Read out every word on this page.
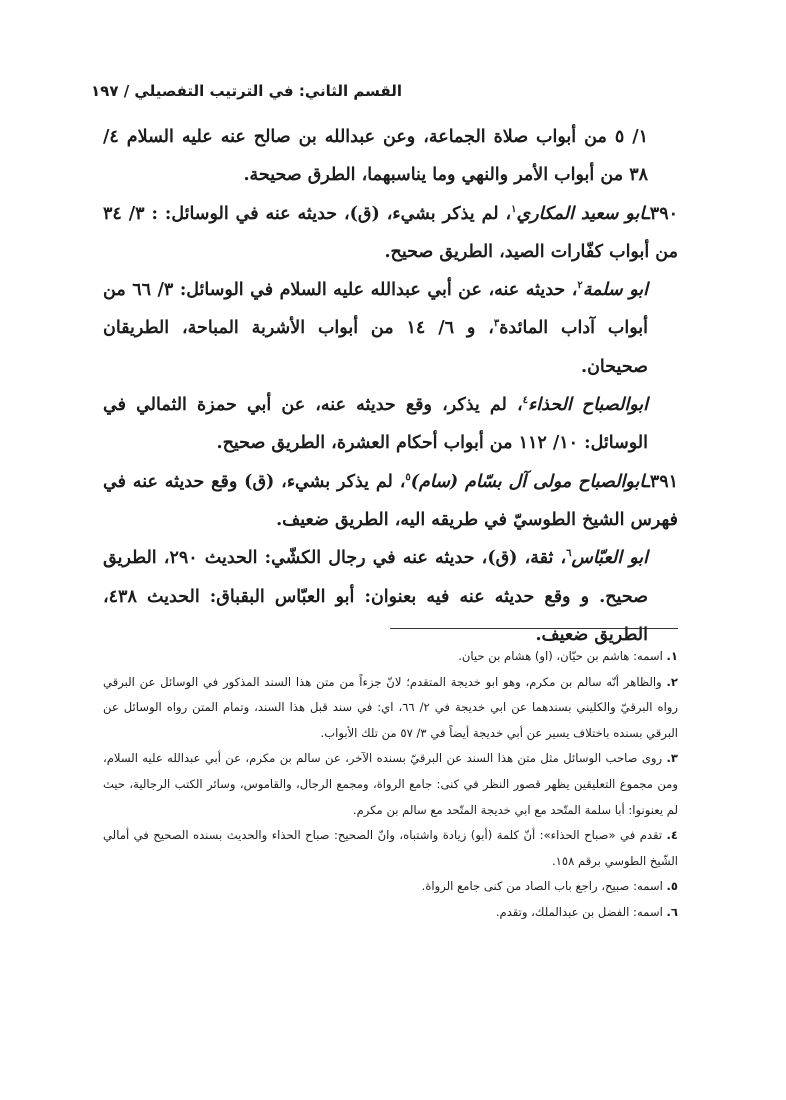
القسم الثاني: في الترتيب التفصيلي / ١٩٧

١/ ٥ من أبواب صلاة الجماعة، وعن عبدالله بن صالح عنه عليه السلام ٤/ ٣٨ من أبواب الأمر والنهي وما يناسبهما، الطرق صحيحة.

٣٩٠ـابو سعيد المكاري$^١$، لم يذكر بشيء، (ق)، حديثه عنه في الوسائل: : ٣/ ٣٤ من أبواب كفّارات الصيد، الطريق صحيح.

ابو سلمة$^٢$، حديثه عنه، عن أبي عبدالله عليه السلام في الوسائل: ٣/ ٦٦ من أبواب آداب المائدة$^٣$، و ٦/ ١٤ من أبواب الأشربة المباحة، الطريقان صحيحان.

ابوالصباح الحذاء$^٤$، لم يذكر، وقع حديثه عنه، عن أبي حمزة الثمالي في الوسائل: ١٠/ ١١٢ من أبواب أحكام العشرة، الطريق صحيح.

٣٩١ـابوالصباح مولى آل بسّام (سام)$^٥$، لم يذكر بشيء، (ق) وقع حديثه عنه في فهرس الشيخ الطوسيّ في طريقه اليه، الطريق ضعيف.

ابو العبّاس$^٦$، ثقة، (ق)، حديثه عنه في رجال الكشّي: الحديث ٢٩٠، الطريق صحيح. و وقع حديثه عنه فيه بعنوان: أبو العبّاس البقباق: الحديث ٤٣٨، الطريق ضعيف.

١. اسمه: هاشم بن حيّان، (او) هشام بن حيان.

٢. والظاهر أنّه سالم بن مكرم، وهو ابو خديجة المتقدم؛ لانّ جزءاً من متن هذا السند المذكور في الوسائل عن البرقي رواه البرقيّ والكليني بسندهما عن ابي خديجة في ٢/ ٦٦، اي: في سند قبل هذا السند، وتمام المتن رواه الوسائل عن البرقي بسنده باختلاف يسير عن أبي خديجة أيضاً في ٣/ ٥٧ من تلك الأبواب.

٣. روى صاحب الوسائل مثل متن هذا السند عن البرقيّ بسنده الآخر، عن سالم بن مكرم، عن أبي عبدالله عليه السلام، ومن مجموع التعليقين يظهر قصور النظر في كنى: جامع الرواة، ومجمع الرجال، والقاموس، وسائر الكتب الرجالية، حيث لم يعنونوا: أبا سلمة المتّحد مع ابي خديجة المتّحد مع سالم بن مكرم.

٤. تقدم في «صباح الحذاء»: أنّ كلمة (أبو) زيادة واشتباه، وانّ الصحيح: صباح الحذاء والحديث بسنده الصحيح في أمالي الشّيخ الطوسي برقم ١٥٨.

٥. اسمه: صبيح، راجع باب الصاد من كنى جامع الرواة.

٦. اسمه: الفضل بن عبدالملك، وتقدم.
